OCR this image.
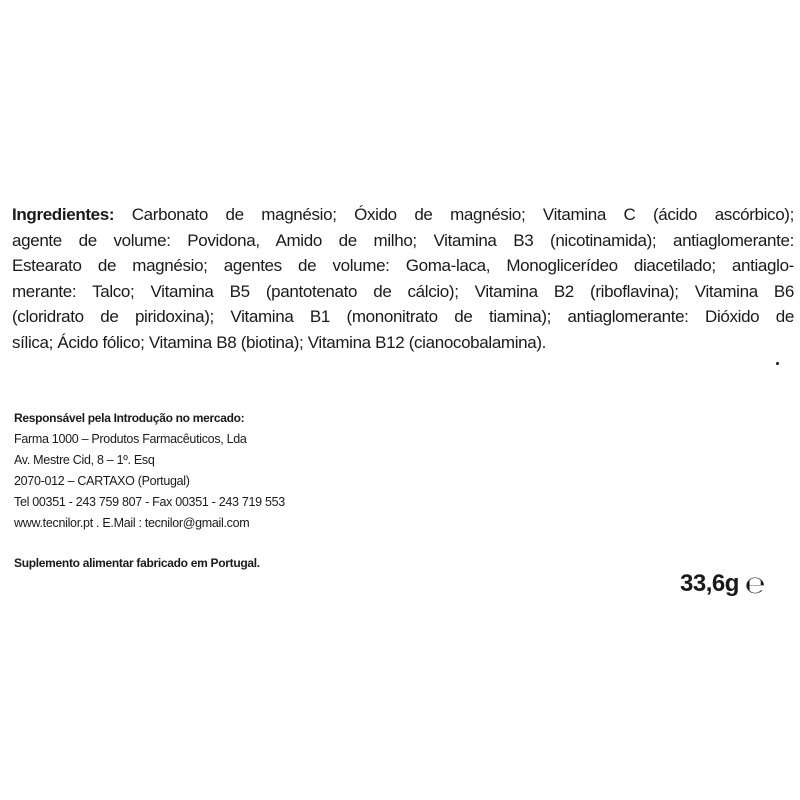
Ingredientes: Carbonato de magnésio; Óxido de magnésio; Vitamina C (ácido ascórbico);
agente de volume: Povidona, Amido de milho; Vitamina B3 (nicotinamida); antiaglomerante:
Estearato de magnésio; agentes de volume: Goma-laca, Monoglicerídeo diacetilado; antiaglo-
merante: Talco; Vitamina B5 (pantotenato de cálcio); Vitamina B2 (riboflavina); Vitamina B6
(cloridrato de piridoxina); Vitamina B1 (mononitrato de tiamina); antiaglomerante: Dióxido de
sílica; Ácido fólico; Vitamina B8 (biotina); Vitamina B12 (cianocobalamina).
Responsável pela Introdução no mercado:
Farma 1000 – Produtos Farmacêuticos, Lda
Av. Mestre Cid, 8 – 1º. Esq
2070-012 – CARTAXO (Portugal)
Tel 00351 - 243 759 807 - Fax 00351 - 243 719 553
www.tecnilor.pt . E.Mail : tecnilor@gmail.com
Suplemento alimentar fabricado em Portugal.
33,6g ℮
